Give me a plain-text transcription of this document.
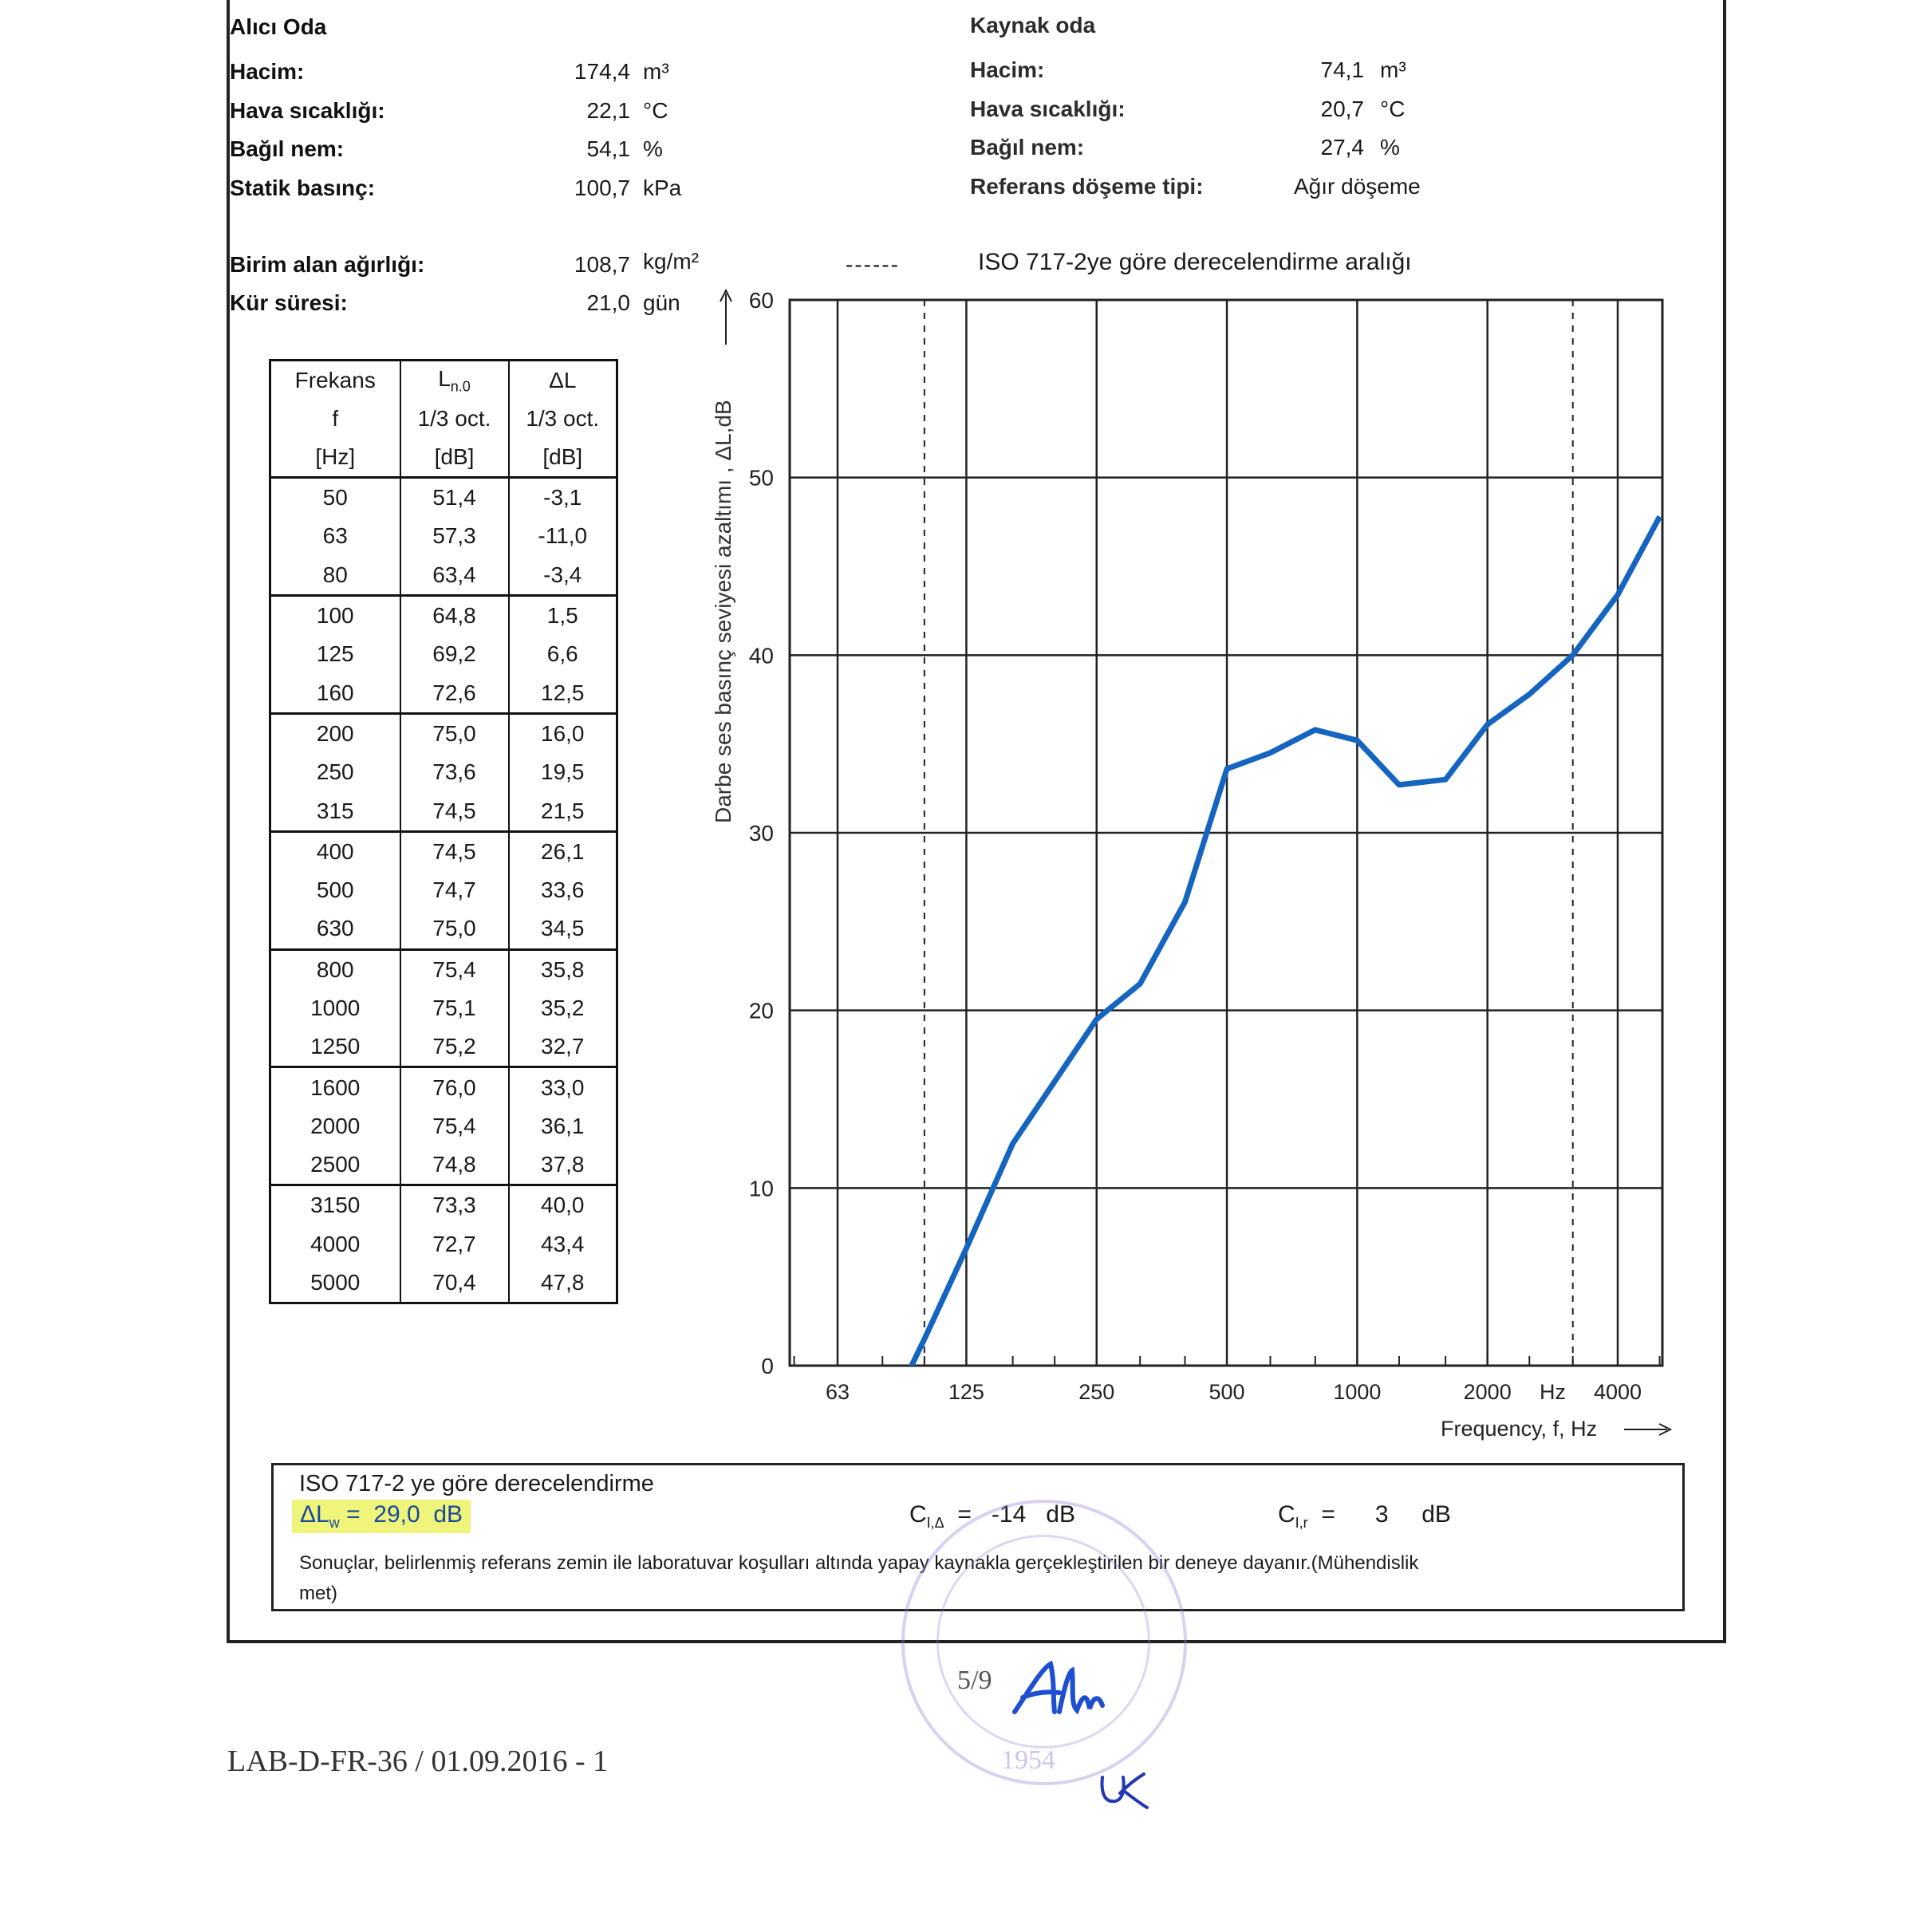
Alıcı Oda
Hacim:	174,4 m³
Hava sıcaklığı:	22,1 °C
Bağıl nem:	54,1 %
Statik basınç:	100,7 kPa
Kaynak oda
Hacim:	74,1 m³
Hava sıcaklığı:	20,7 °C
Bağıl nem:	27,4 %
Referans döşeme tipi:	Ağır döşeme
Birim alan ağırlığı:	108,7 kg/m²
Kür süresi:	21,0 gün
------	ISO 717-2ye göre derecelendirme aralığı
Frekans	$L_{n.0}$	ΔL
f	1/3 oct.	1/3 oct.
[Hz]	[dB]	[dB]
50	51,4	-3,1
63	57,3	-11,0
80	63,4	-3,4
100	64,8	1,5
125	69,2	6,6
160	72,6	12,5
200	75,0	16,0
250	73,6	19,5
315	74,5	21,5
400	74,5	26,1
500	74,7	33,6
630	75,0	34,5
800	75,4	35,8
1000	75,1	35,2
1250	75,2	32,7
1600	76,0	33,0
2000	75,4	36,1
2500	74,8	37,8
3150	73,3	40,0
4000	72,7	43,4
5000	70,4	47,8
0
10
20
30
40
50
60
63	125	250	500	1000	2000 Hz 4000
Frequency, f, Hz
Darbe ses basınç seviyesi azaltımı , ΔL,dB
ISO 717-2 ye göre derecelendirme
$\Delta L_w = 29,0$  dB	$C_{I,\Delta} = -14$   dB	$C_{I,r}$  =      3     dB
Sonuçlar, belirlenmiş referans zemin ile laboratuvar koşulları altında yapay kaynakla gerçekleştirilen bir deneye dayanır.(Mühendislik
met)
1954
5/9
LAB-D-FR-36 / 01.09.2016 - 1
